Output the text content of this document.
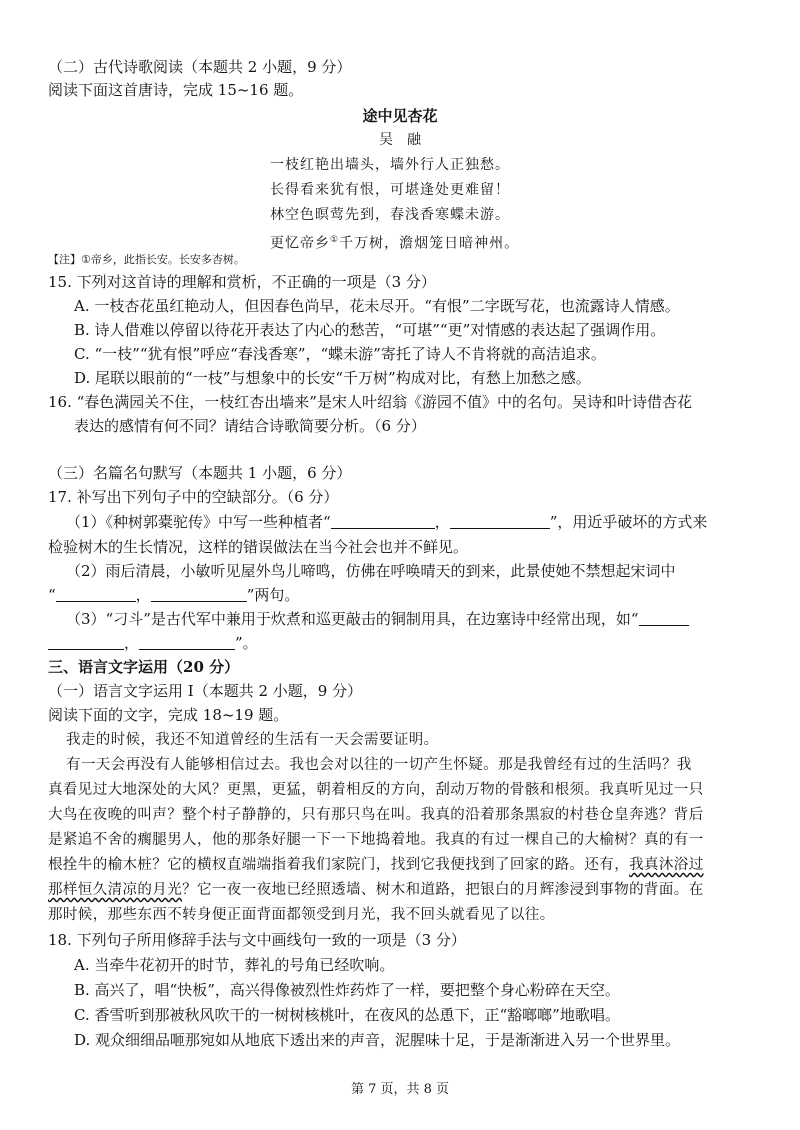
（二）古代诗歌阅读（本题共 2 小题，9 分）
阅读下面这首唐诗，完成 15~16 题。
途中见杏花
吴　融
一枝红艳出墙头，墙外行人正独愁。
长得看来犹有恨，可堪逢处更难留！
林空色暝莺先到，春浅香寒蝶未游。
更忆帝乡①千万树，澹烟笼日暗神州。
【注】①帝乡，此指长安。长安多杏树。
15. 下列对这首诗的理解和赏析，不正确的一项是（3 分）
A. 一枝杏花虽红艳动人，但因春色尚早，花未尽开。“有恨”二字既写花，也流露诗人情感。
B. 诗人借难以停留以待花开表达了内心的愁苦，“可堪”“更”对情感的表达起了强调作用。
C. “一枝”“犹有恨”呼应“春浅香寒”，“蝶未游”寄托了诗人不肯将就的高洁追求。
D. 尾联以眼前的“一枝”与想象中的长安“千万树”构成对比，有愁上加愁之感。
16. “春色满园关不住，一枝红杏出墙来”是宋人叶绍翁《游园不值》中的名句。吴诗和叶诗借杏花
表达的感情有何不同？请结合诗歌简要分析。（6 分）
（三）名篇名句默写（本题共 1 小题，6 分）
17. 补写出下列句子中的空缺部分。（6 分）
（1）《种树郭橐驼传》中写一些种植者“	，	”，用近乎破坏的方式来
检验树木的生长情况，这样的错误做法在当今社会也并不鲜见。
（2）雨后清晨，小敏听见屋外鸟儿啼鸣，仿佛在呼唤晴天的到来，此景使她不禁想起宋词中
“	，	”两句。
（3）“刁斗”是古代军中兼用于炊煮和巡更敲击的铜制用具，在边塞诗中经常出现，如“
，	”。
三、语言文字运用（20 分）
（一）语言文字运用 Ⅰ（本题共 2 小题，9 分）
阅读下面的文字，完成 18~19 题。
我走的时候，我还不知道曾经的生活有一天会需要证明。
有一天会再没有人能够相信过去。我也会对以往的一切产生怀疑。那是我曾经有过的生活吗？我
真看见过大地深处的大风？更黑，更猛，朝着相反的方向，刮动万物的骨骸和根须。我真听见过一只
大鸟在夜晚的叫声？整个村子静静的，只有那只鸟在叫。我真的沿着那条黑寂的村巷仓皇奔逃？背后
是紧追不舍的瘸腿男人，他的那条好腿一下一下地捣着地。我真的有过一棵自己的大榆树？真的有一
根拴牛的榆木桩？它的横杈直端端指着我们家院门，找到它我便找到了回家的路。还有，我真沐浴过
那样恒久清凉的月光？它一夜一夜地已经照透墙、树木和道路，把银白的月辉渗浸到事物的背面。在
那时候，那些东西不转身便正面背面都领受到月光，我不回头就看见了以往。
18. 下列句子所用修辞手法与文中画线句一致的一项是（3 分）
A. 当牵牛花初开的时节，葬礼的号角已经吹响。
B. 高兴了，唱“快板”，高兴得像被烈性炸药炸了一样，要把整个身心粉碎在天空。
C. 香雪听到那被秋风吹干的一树树核桃叶，在夜风的怂恿下，正“豁啷啷”地歌唱。
D. 观众细细品咂那宛如从地底下透出来的声音，泥腥味十足，于是渐渐进入另一个世界里。
第 7 页，共 8 页
